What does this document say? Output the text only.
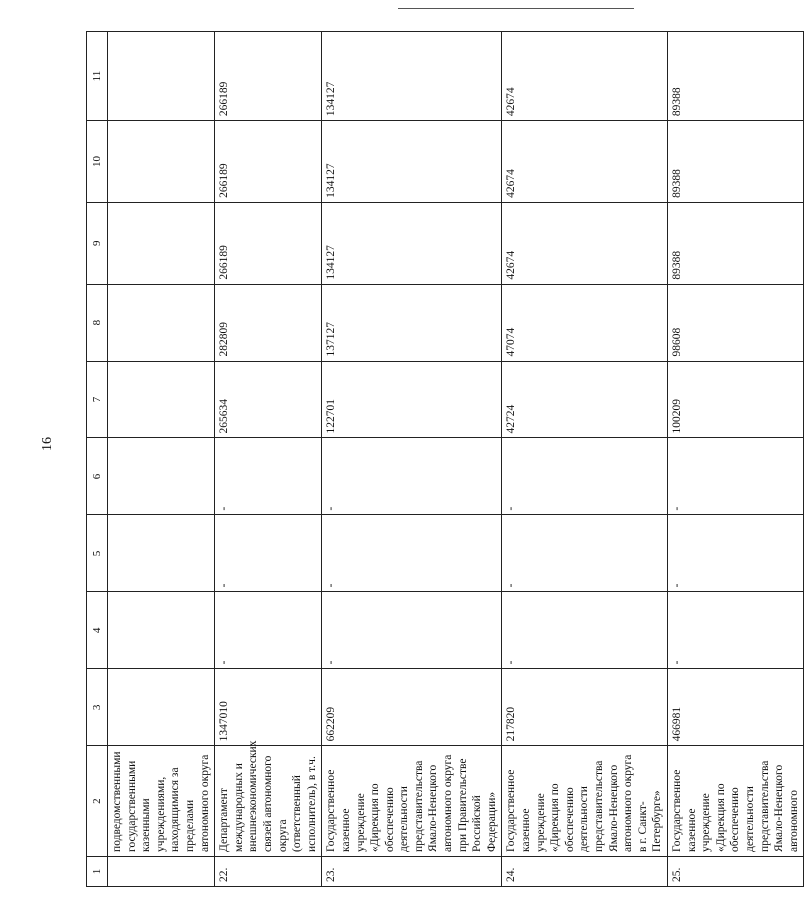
16
1	2	3	4	5	6	7	8	9	10	11
	подведомственными государственными казенными учреждениями, находящимися за пределами автономного округа									
22.	Департамент международных и внешнеэкономических связей автономного округа (ответственный исполнитель), в т.ч.	1347010	-	-	-	265634	282809	266189	266189	266189
23.	Государственное казенное учреждение «Дирекция по обеспечению деятельности представительства Ямало-Ненецкого автономного округа при Правительстве Российской Федерации»	662209	-	-	-	122701	137127	134127	134127	134127
24.	Государственное казенное учреждение «Дирекция по обеспечению деятельности представительства Ямало-Ненецкого автономного округа в г. Санкт-Петербурге»	217820	-	-	-	42724	47074	42674	42674	42674
25.	Государственное казенное учреждение «Дирекция по обеспечению деятельности представительства Ямало-Ненецкого автономного	466981	-	-	-	100209	98608	89388	89388	89388
